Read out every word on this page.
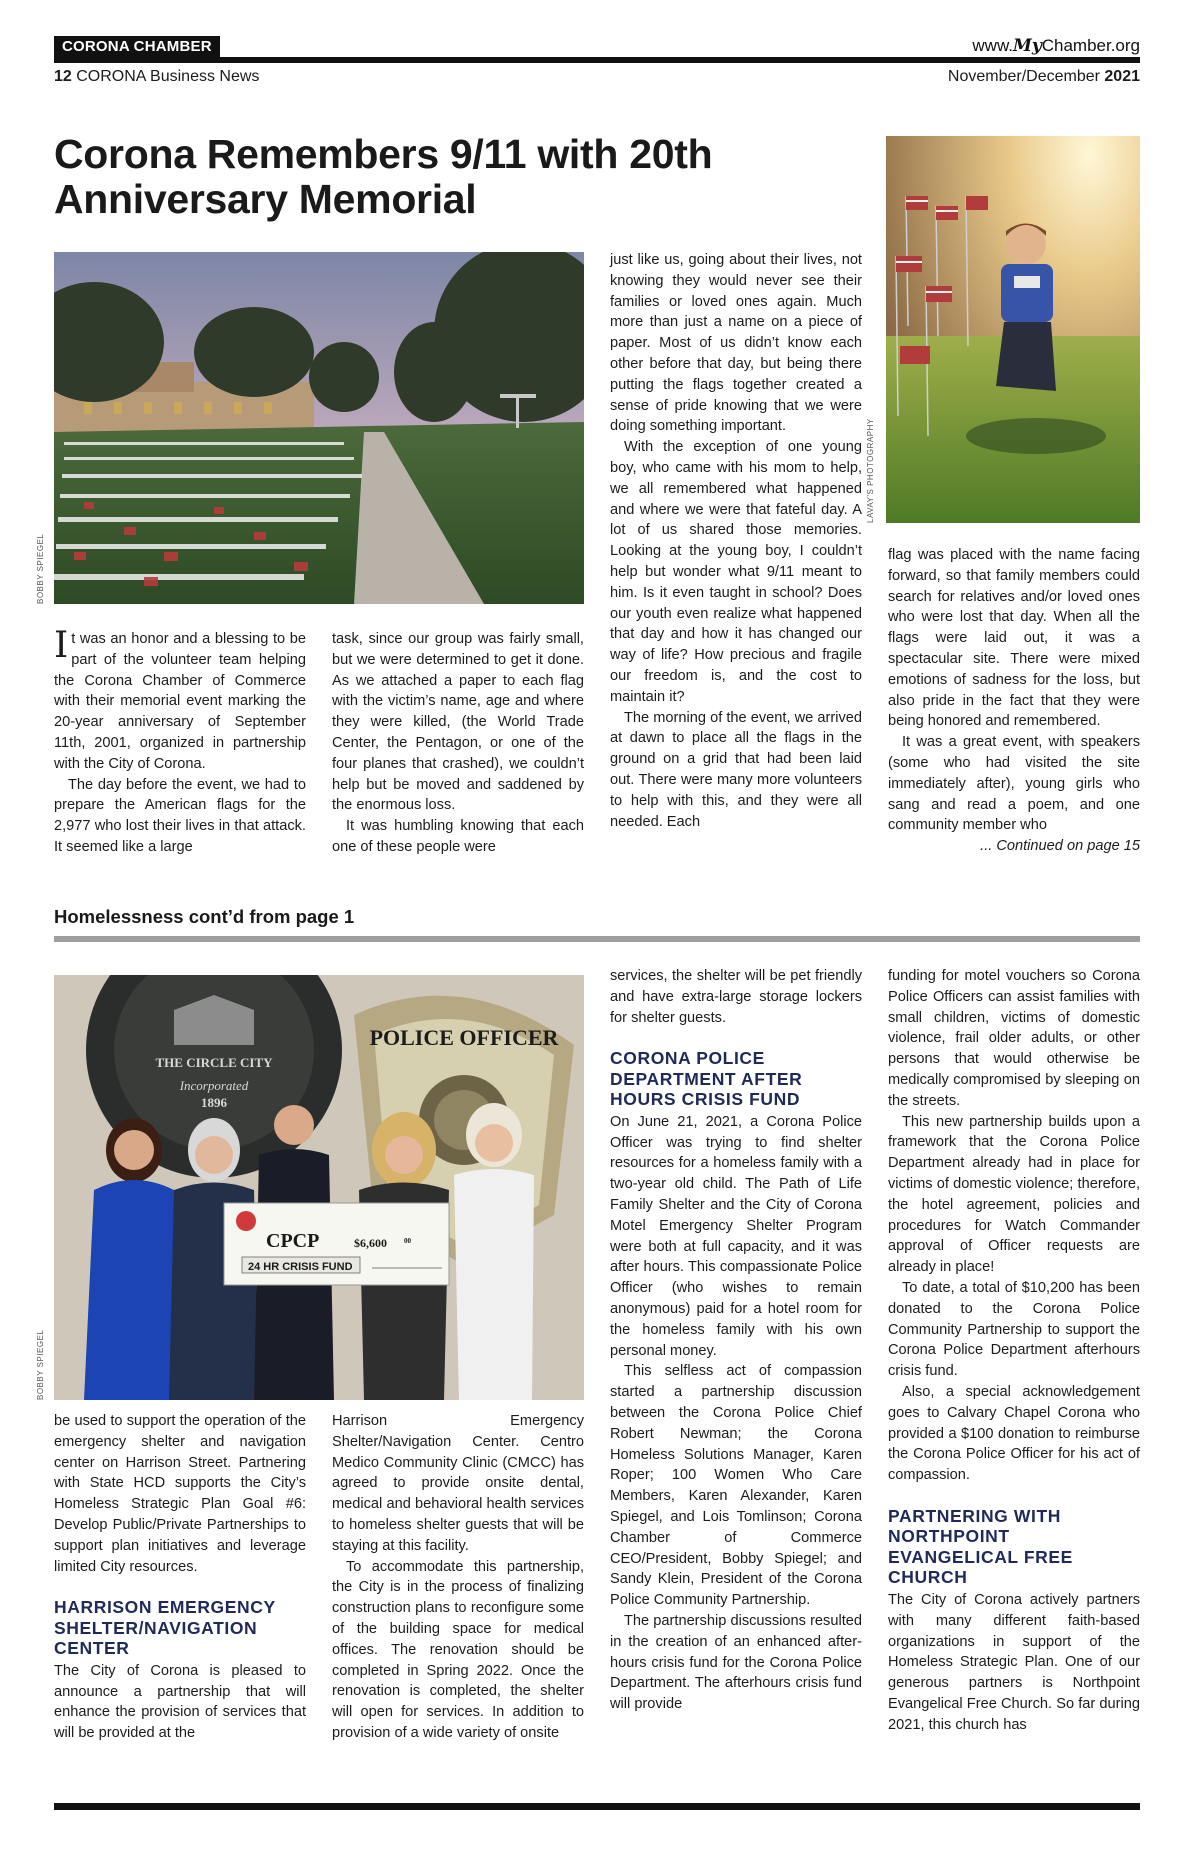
CORONA CHAMBER	www.MyChamber.org
12 CORONA Business News	November/December 2021
Corona Remembers 9/11 with 20th Anniversary Memorial
BOBBY SPIEGEL
LAVAY'S PHOTOGRAPHY

It was an honor and a blessing to be part of the volunteer team helping the Corona Chamber of Commerce with their memorial event marking the 20-year anniversary of September 11th, 2001, organized in partnership with the City of Corona.

The day before the event, we had to prepare the American flags for the 2,977 who lost their lives in that attack. It seemed like a large

task, since our group was fairly small, but we were determined to get it done. As we attached a paper to each flag with the victim’s name, age and where they were killed, (the World Trade Center, the Pentagon, or one of the four planes that crashed), we couldn’t help but be moved and saddened by the enormous loss.

It was humbling knowing that each one of these people were

just like us, going about their lives, not knowing they would never see their families or loved ones again. Much more than just a name on a piece of paper. Most of us didn’t know each other before that day, but being there putting the flags together created a sense of pride knowing that we were doing something important.

With the exception of one young boy, who came with his mom to help, we all remembered what happened and where we were that fateful day. A lot of us shared those memories. Looking at the young boy, I couldn’t help but wonder what 9/11 meant to him. Is it even taught in school? Does our youth even realize what happened that day and how it has changed our way of life? How precious and fragile our freedom is, and the cost to maintain it?

The morning of the event, we arrived at dawn to place all the flags in the ground on a grid that had been laid out. There were many more volunteers to help with this, and they were all needed. Each

flag was placed with the name facing forward, so that family members could search for relatives and/or loved ones who were lost that day. When all the flags were laid out, it was a spectacular site. There were mixed emotions of sadness for the loss, but also pride in the fact that they were being honored and remembered.

It was a great event, with speakers (some who had visited the site immediately after), young girls who sang and read a poem, and one community member who

... Continued on page 15

Homelessness cont’d from page 1
THE CIRCLE CITY
Incorporated
1896
POLICE OFFICER
CPCP	$6,600 00
24 HR CRISIS FUND
BOBBY SPIEGEL

be used to support the operation of the emergency shelter and navigation center on Harrison Street. Partnering with State HCD supports the City’s Homeless Strategic Plan Goal #6: Develop Public/Private Partnerships to support plan initiatives and leverage limited City resources.

HARRISON EMERGENCY SHELTER/NAVIGATION CENTER

The City of Corona is pleased to announce a partnership that will enhance the provision of services that will be provided at the

Harrison Emergency Shelter/Navigation Center. Centro Medico Community Clinic (CMCC) has agreed to provide onsite dental, medical and behavioral health services to homeless shelter guests that will be staying at this facility.

To accommodate this partnership, the City is in the process of finalizing construction plans to reconfigure some of the building space for medical offices. The renovation should be completed in Spring 2022. Once the renovation is completed, the shelter will open for services. In addition to provision of a wide variety of onsite

services, the shelter will be pet friendly and have extra-large storage lockers for shelter guests.

CORONA POLICE DEPARTMENT AFTER HOURS CRISIS FUND

On June 21, 2021, a Corona Police Officer was trying to find shelter resources for a homeless family with a two-year old child. The Path of Life Family Shelter and the City of Corona Motel Emergency Shelter Program were both at full capacity, and it was after hours. This compassionate Police Officer (who wishes to remain anonymous) paid for a hotel room for the homeless family with his own personal money.

This selfless act of compassion started a partnership discussion between the Corona Police Chief Robert Newman; the Corona Homeless Solutions Manager, Karen Roper; 100 Women Who Care Members, Karen Alexander, Karen Spiegel, and Lois Tomlinson; Corona Chamber of Commerce CEO/President, Bobby Spiegel; and Sandy Klein, President of the Corona Police Community Partnership.

The partnership discussions resulted in the creation of an enhanced after-hours crisis fund for the Corona Police Department. The afterhours crisis fund will provide

funding for motel vouchers so Corona Police Officers can assist families with small children, victims of domestic violence, frail older adults, or other persons that would otherwise be medically compromised by sleeping on the streets.

This new partnership builds upon a framework that the Corona Police Department already had in place for victims of domestic violence; therefore, the hotel agreement, policies and procedures for Watch Commander approval of Officer requests are already in place!

To date, a total of $10,200 has been donated to the Corona Police Community Partnership to support the Corona Police Department afterhours crisis fund.

Also, a special acknowledgement goes to Calvary Chapel Corona who provided a $100 donation to reimburse the Corona Police Officer for his act of compassion.

PARTNERING WITH NORTHPOINT EVANGELICAL FREE CHURCH

The City of Corona actively partners with many different faith-based organizations in support of the Homeless Strategic Plan. One of our generous partners is Northpoint Evangelical Free Church. So far during 2021, this church has
